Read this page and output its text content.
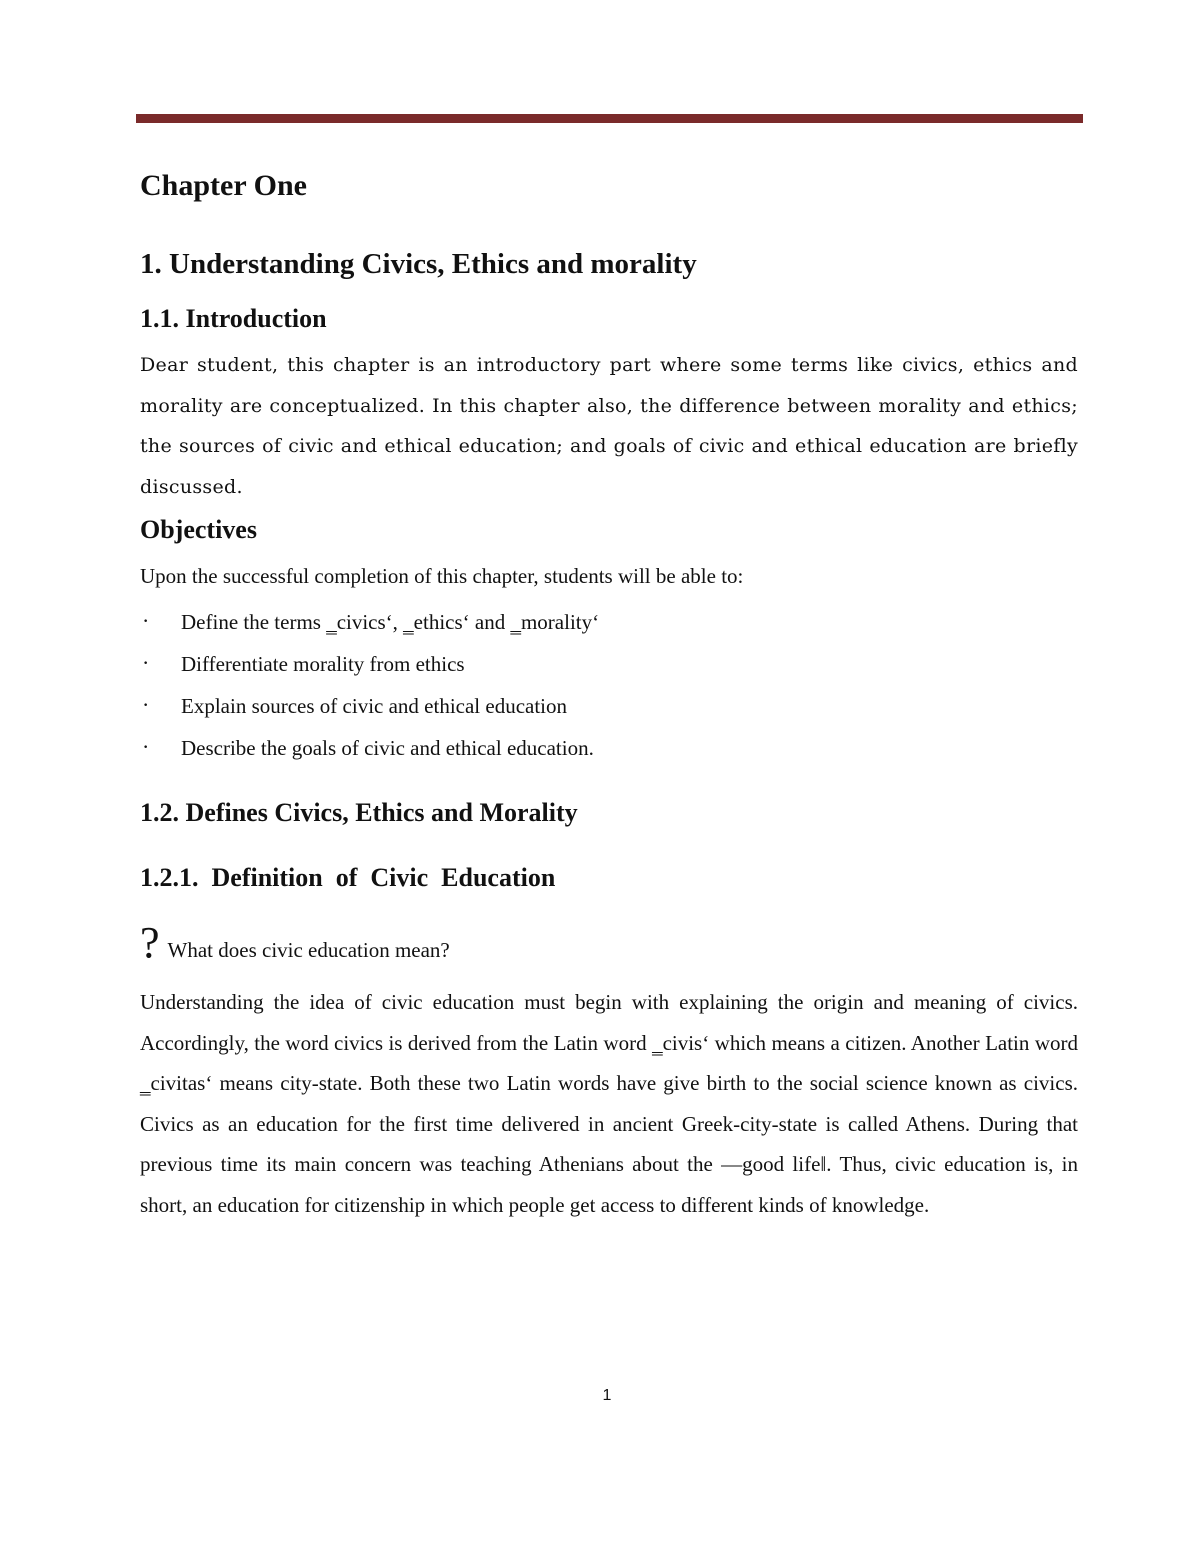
Chapter One
1. Understanding Civics, Ethics and morality
1.1. Introduction

Dear student, this chapter is an introductory part where some terms like civics, ethics and morality are conceptualized. In this chapter also, the difference between morality and ethics; the sources of civic and ethical education; and goals of civic and ethical education are briefly discussed.

Objectives

Upon the successful completion of this chapter, students will be able to:

· Define the terms ‗civics‘, ‗ethics‘ and ‗morality‘
· Differentiate morality from ethics
· Explain sources of civic and ethical education
· Describe the goals of civic and ethical education.
1.2. Defines Civics, Ethics and Morality
1.2.1.  Definition  of  Civic  Education
? What does civic education mean?

Understanding the idea of civic education must begin with explaining the origin and meaning of civics. Accordingly, the word civics is derived from the Latin word ‗civis‘ which means a citizen. Another Latin word ‗civitas‘ means city-state. Both these two Latin words have give birth to the social science known as civics. Civics as an education for the first time delivered in ancient Greek-city-state is called Athens. During that previous time its main concern was teaching Athenians about the ―good life‖. Thus, civic education is, in short, an education for citizenship in which people get access to different kinds of knowledge.

1
